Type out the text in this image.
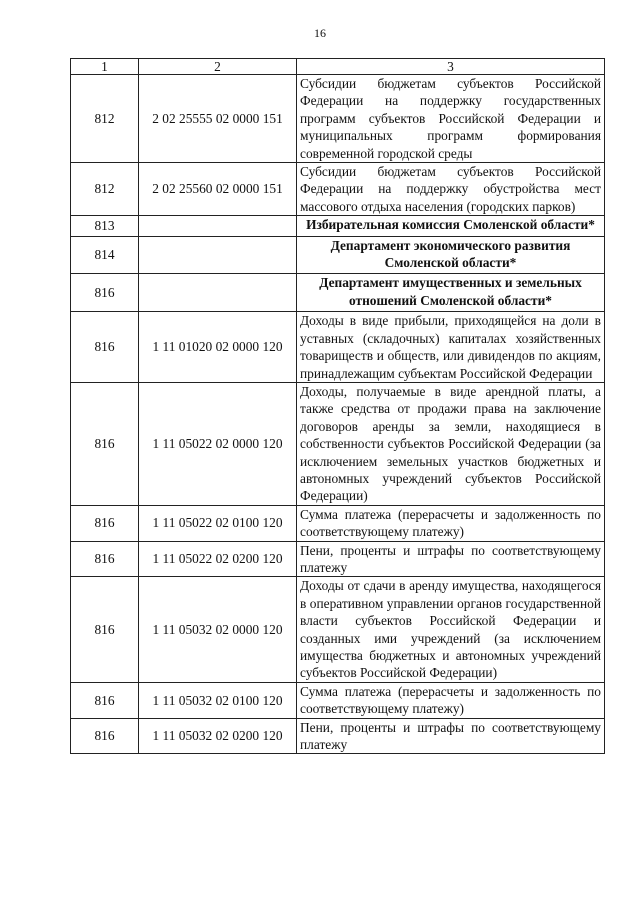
16
1	2	3
812	2 02 25555 02 0000 151	Субсидии бюджетам субъектов Российской Федерации на поддержку государственных программ субъектов Российской Федерации и муниципальных программ формирования современной городской среды
812	2 02 25560 02 0000 151	Субсидии бюджетам субъектов Российской Федерации на поддержку обустройства мест массового отдыха населения (городских парков)
813		Избирательная комиссия Смоленской области*
814		Департамент экономического развития Смоленской области*
816		Департамент имущественных и земельных отношений Смоленской области*
816	1 11 01020 02 0000 120	Доходы в виде прибыли, приходящейся на доли в уставных (складочных) капиталах хозяйственных товариществ и обществ, или дивидендов по акциям, принадлежащим субъектам Российской Федерации
816	1 11 05022 02 0000 120	Доходы, получаемые в виде арендной платы, а также средства от продажи права на заключение договоров аренды за земли, находящиеся в собственности субъектов Российской Федерации (за исключением земельных участков бюджетных и автономных учреждений субъектов Российской Федерации)
816	1 11 05022 02 0100 120	Сумма платежа (перерасчеты и задолженность по соответствующему платежу)
816	1 11 05022 02 0200 120	Пени, проценты и штрафы по соответствующему платежу
816	1 11 05032 02 0000 120	Доходы от сдачи в аренду имущества, находящегося в оперативном управлении органов государственной власти субъектов Российской Федерации и созданных ими учреждений (за исключением имущества бюджетных и автономных учреждений субъектов Российской Федерации)
816	1 11 05032 02 0100 120	Сумма платежа (перерасчеты и задолженность по соответствующему платежу)
816	1 11 05032 02 0200 120	Пени, проценты и штрафы по соответствующему платежу
